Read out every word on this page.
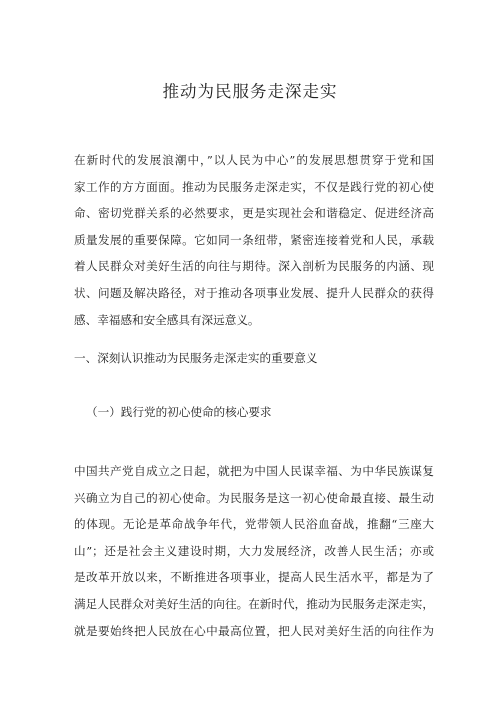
推动为民服务走深走实
在新时代的发展浪潮中，”以人民为中心”的发展思想贯穿于党和国
家工作的方方面面。推动为民服务走深走实，不仅是践行党的初心使
命、密切党群关系的必然要求，更是实现社会和谐稳定、促进经济高
质量发展的重要保障。它如同一条纽带，紧密连接着党和人民，承载
着人民群众对美好生活的向往与期待。深入剖析为民服务的内涵、现
状、问题及解决路径，对于推动各项事业发展、提升人民群众的获得
感、幸福感和安全感具有深远意义。
一、深刻认识推动为民服务走深走实的重要意义
（一）践行党的初心使命的核心要求
中国共产党自成立之日起，就把为中国人民谋幸福、为中华民族谋复
兴确立为自己的初心使命。为民服务是这一初心使命最直接、最生动
的体现。无论是革命战争年代，党带领人民浴血奋战，推翻“三座大
山”；还是社会主义建设时期，大力发展经济，改善人民生活；亦或
是改革开放以来，不断推进各项事业，提高人民生活水平，都是为了
满足人民群众对美好生活的向往。在新时代，推动为民服务走深走实，
就是要始终把人民放在心中最高位置，把人民对美好生活的向往作为
